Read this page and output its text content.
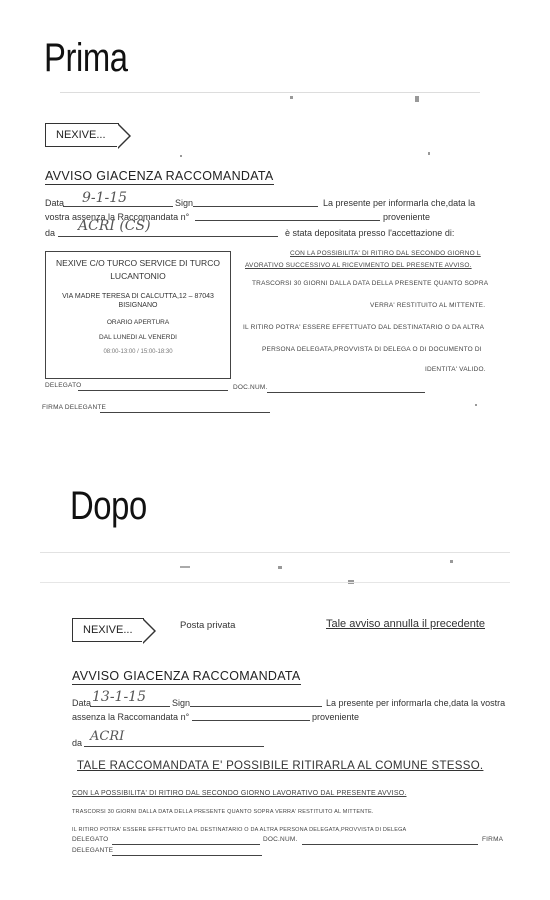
Prima
NEXIVE...
AVVISO GIACENZA RACCOMANDATA
Data 9-1-15	Sign	La presente per informarla che,data la
vostra assenza la Raccomandata n°	proveniente
da ACRI (CS)	è stata depositata presso l'accettazione di:
NEXIVE C/O TURCO SERVICE DI TURCO
LUCANTONIO
VIA MADRE TERESA DI CALCUTTA,12 – 87043
BISIGNANO
ORARIO APERTURA
DAL LUNEDI AL VENERDI
08:00-13:00 / 15:00-18:30
CON LA POSSIBILITA' DI RITIRO DAL SECONDO GIORNO L
AVORATIVO SUCCESSIVO AL RICEVIMENTO DEL PRESENTE AVVISO.
TRASCORSI 30 GIORNI DALLA DATA DELLA PRESENTE QUANTO SOPRA
VERRA' RESTITUITO AL MITTENTE.
IL RITIRO POTRA' ESSERE EFFETTUATO DAL DESTINATARIO O DA ALTRA
PERSONA DELEGATA,PROVVISTA DI DELEGA O DI DOCUMENTO DI
IDENTITA' VALIDO.
DELEGATO	DOC.NUM.
FIRMA DELEGANTE
Dopo
NEXIVE...	Posta privata	Tale avviso annulla il precedente
AVVISO GIACENZA RACCOMANDATA
Data 13-1-15	Sign	La presente per informarla che,data la vostra
assenza la Raccomandata n°	proveniente
da ACRI
TALE RACCOMANDATA E' POSSIBILE RITIRARLA AL COMUNE STESSO.
CON LA POSSIBILITA' DI RITIRO DAL SECONDO GIORNO LAVORATIVO DAL PRESENTE AVVISO.
TRASCORSI 30 GIORNI DALLA DATA DELLA PRESENTE QUANTO SOPRA VERRA' RESTITUITO AL MITTENTE.
IL RITIRO POTRA' ESSERE EFFETTUATO DAL DESTINATARIO O DA ALTRA PERSONA DELEGATA,PROVVISTA DI DELEGA
DELEGATO	DOC.NUM.	FIRMA
DELEGANTE
